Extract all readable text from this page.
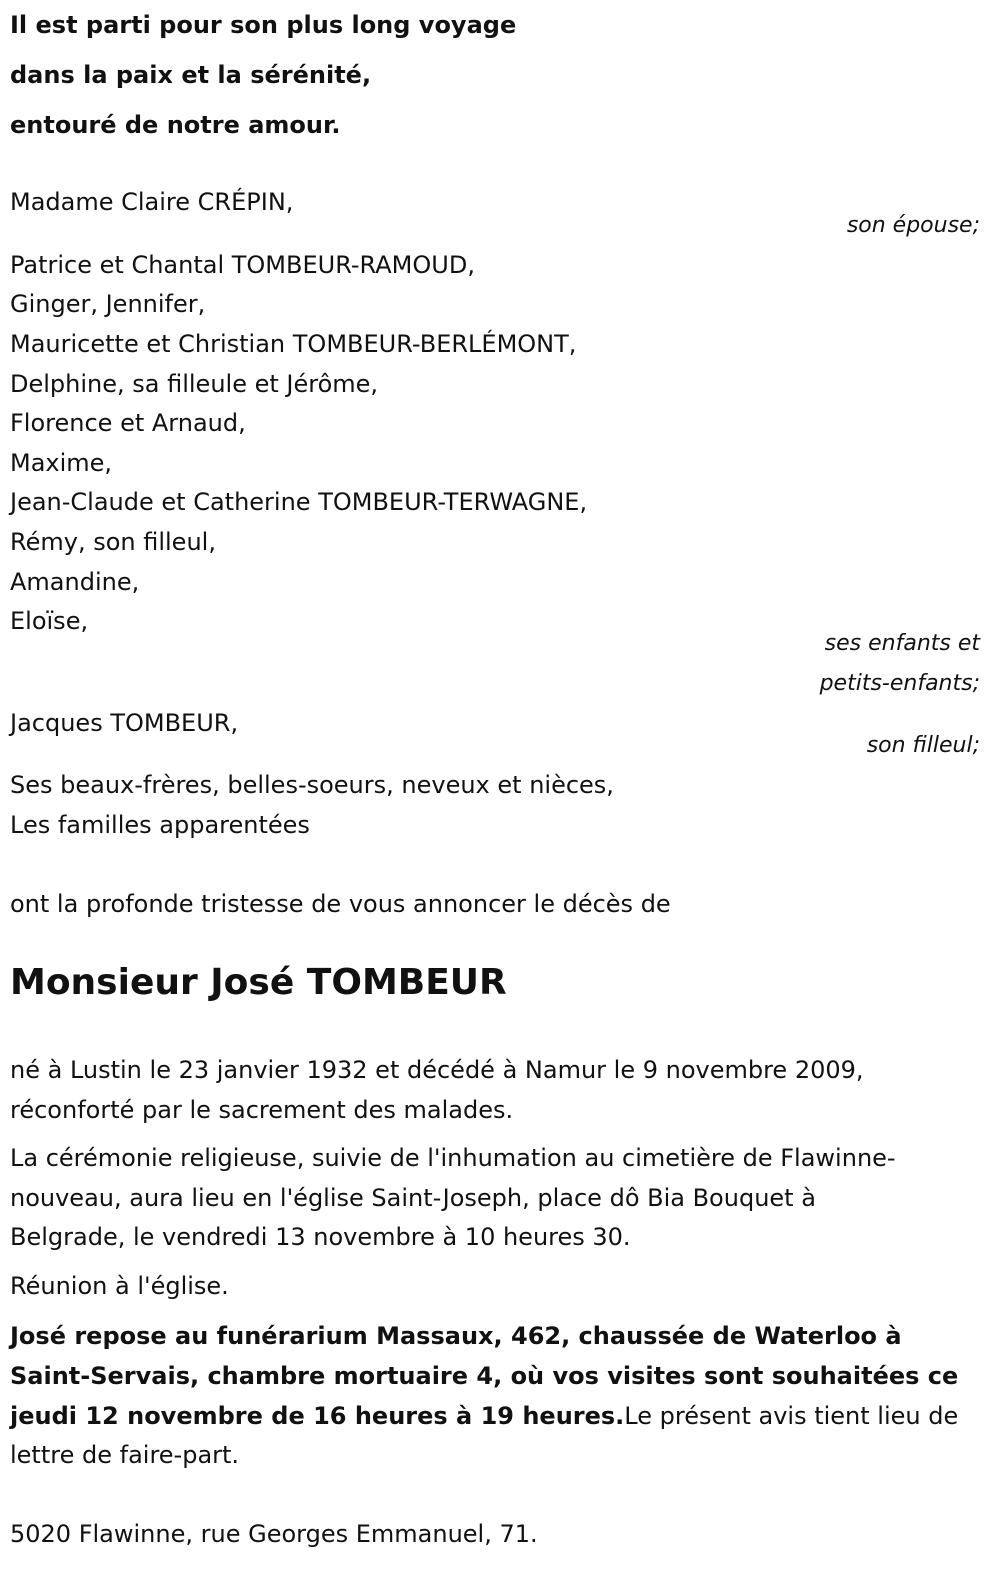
Il est parti pour son plus long voyage
dans la paix et la sérénité,
entouré de notre amour.
Madame Claire CRÉPIN,
son épouse;
Patrice et Chantal TOMBEUR-RAMOUD,
Ginger, Jennifer,
Mauricette et Christian TOMBEUR-BERLÉMONT,
Delphine, sa filleule et Jérôme,
Florence et Arnaud,
Maxime,
Jean-Claude et Catherine TOMBEUR-TERWAGNE,
Rémy, son filleul,
Amandine,
Eloïse,
ses enfants et
petits-enfants;
Jacques TOMBEUR,
son filleul;
Ses beaux-frères, belles-soeurs, neveux et nièces,
Les familles apparentées
ont la profonde tristesse de vous annoncer le décès de
Monsieur José TOMBEUR
né à Lustin le 23 janvier 1932 et décédé à Namur le 9 novembre 2009,
réconforté par le sacrement des malades.
La cérémonie religieuse, suivie de l'inhumation au cimetière de Flawinne-
nouveau, aura lieu en l'église Saint-Joseph, place dô Bia Bouquet à
Belgrade, le vendredi 13 novembre à 10 heures 30.
Réunion à l'église.
José repose au funérarium Massaux, 462, chaussée de Waterloo à
Saint-Servais, chambre mortuaire 4, où vos visites sont souhaitées ce
jeudi 12 novembre de 16 heures à 19 heures.Le présent avis tient lieu de
lettre de faire-part.
5020 Flawinne, rue Georges Emmanuel, 71.
